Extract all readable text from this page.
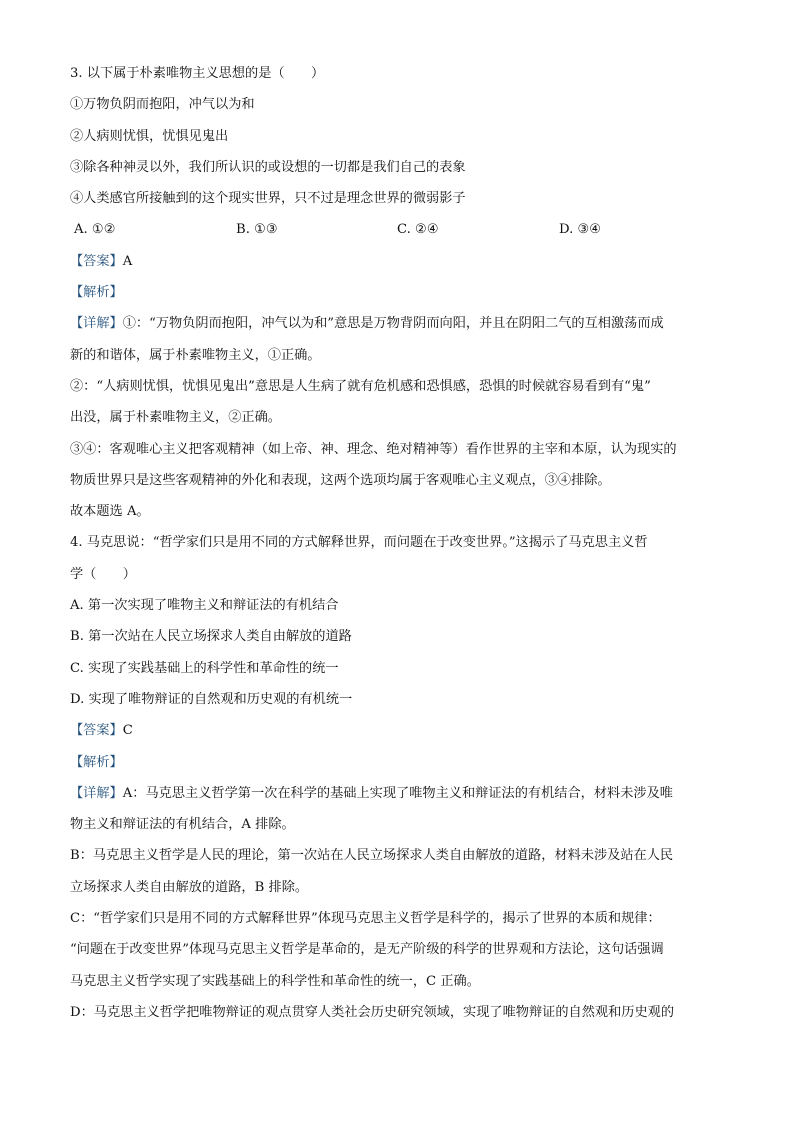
3. 以下属于朴素唯物主义思想的是（　　）
①万物负阴而抱阳，冲气以为和
②人病则忧惧，忧惧见鬼出
③除各种神灵以外，我们所认识的或设想的一切都是我们自己的表象
④人类感官所接触到的这个现实世界，只不过是理念世界的微弱影子
A. ①②	B. ①③	C. ②④	D. ③④
【答案】A
【解析】
【详解】①：“万物负阴而抱阳，冲气以为和”意思是万物背阴而向阳，并且在阴阳二气的互相激荡而成
新的和谐体，属于朴素唯物主义，①正确。
②：“人病则忧惧，忧惧见鬼出”意思是人生病了就有危机感和恐惧感，恐惧的时候就容易看到有“鬼”
出没，属于朴素唯物主义，②正确。
③④：客观唯心主义把客观精神（如上帝、神、理念、绝对精神等）看作世界的主宰和本原，认为现实的
物质世界只是这些客观精神的外化和表现，这两个选项均属于客观唯心主义观点，③④排除。
故本题选 A。
4. 马克思说：“哲学家们只是用不同的方式解释世界，而问题在于改变世界。”这揭示了马克思主义哲
学（　　）
A. 第一次实现了唯物主义和辩证法的有机结合
B. 第一次站在人民立场探求人类自由解放的道路
C. 实现了实践基础上的科学性和革命性的统一
D. 实现了唯物辩证的自然观和历史观的有机统一
【答案】C
【解析】
【详解】A：马克思主义哲学第一次在科学的基础上实现了唯物主义和辩证法的有机结合，材料未涉及唯
物主义和辩证法的有机结合，A 排除。
B：马克思主义哲学是人民的理论，第一次站在人民立场探求人类自由解放的道路，材料未涉及站在人民
立场探求人类自由解放的道路，B 排除。
C：“哲学家们只是用不同的方式解释世界”体现马克思主义哲学是科学的，揭示了世界的本质和规律：
“问题在于改变世界”体现马克思主义哲学是革命的，是无产阶级的科学的世界观和方法论，这句话强调
马克思主义哲学实现了实践基础上的科学性和革命性的统一，C 正确。
D：马克思主义哲学把唯物辩证的观点贯穿人类社会历史研究领域，实现了唯物辩证的自然观和历史观的
